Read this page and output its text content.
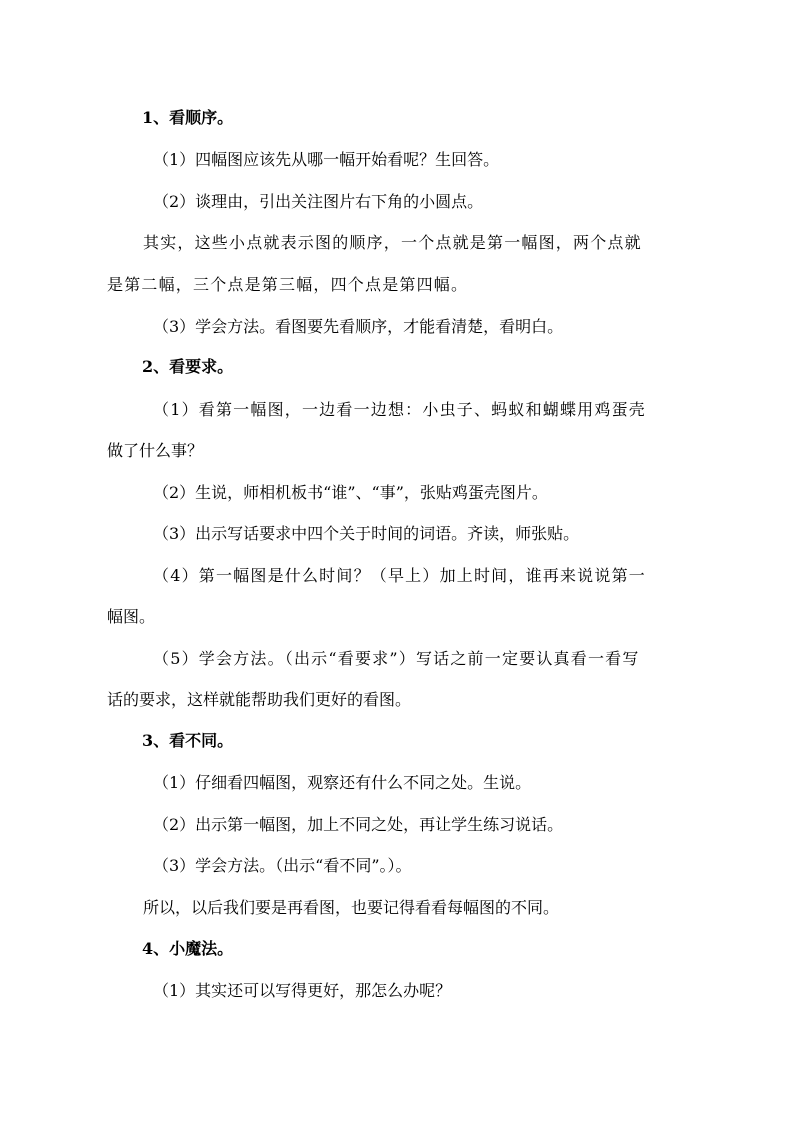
1、看顺序。
（1）四幅图应该先从哪一幅开始看呢？生回答。
（2）谈理由，引出关注图片右下角的小圆点。
其实，这些小点就表示图的顺序，一个点就是第一幅图，两个点就
是第二幅，三个点是第三幅，四个点是第四幅。
（3）学会方法。看图要先看顺序，才能看清楚，看明白。
2、看要求。
（1）看第一幅图，一边看一边想：小虫子、蚂蚁和蝴蝶用鸡蛋壳
做了什么事？
（2）生说，师相机板书“谁”、“事”，张贴鸡蛋壳图片。
（3）出示写话要求中四个关于时间的词语。齐读，师张贴。
（4）第一幅图是什么时间？（早上）加上时间，谁再来说说第一
幅图。
（5）学会方法。（出示“看要求”）写话之前一定要认真看一看写
话的要求，这样就能帮助我们更好的看图。
3、看不同。
（1）仔细看四幅图，观察还有什么不同之处。生说。
（2）出示第一幅图，加上不同之处，再让学生练习说话。
（3）学会方法。（出示“看不同”。）。
所以，以后我们要是再看图，也要记得看看每幅图的不同。
4、小魔法。
（1）其实还可以写得更好，那怎么办呢？
